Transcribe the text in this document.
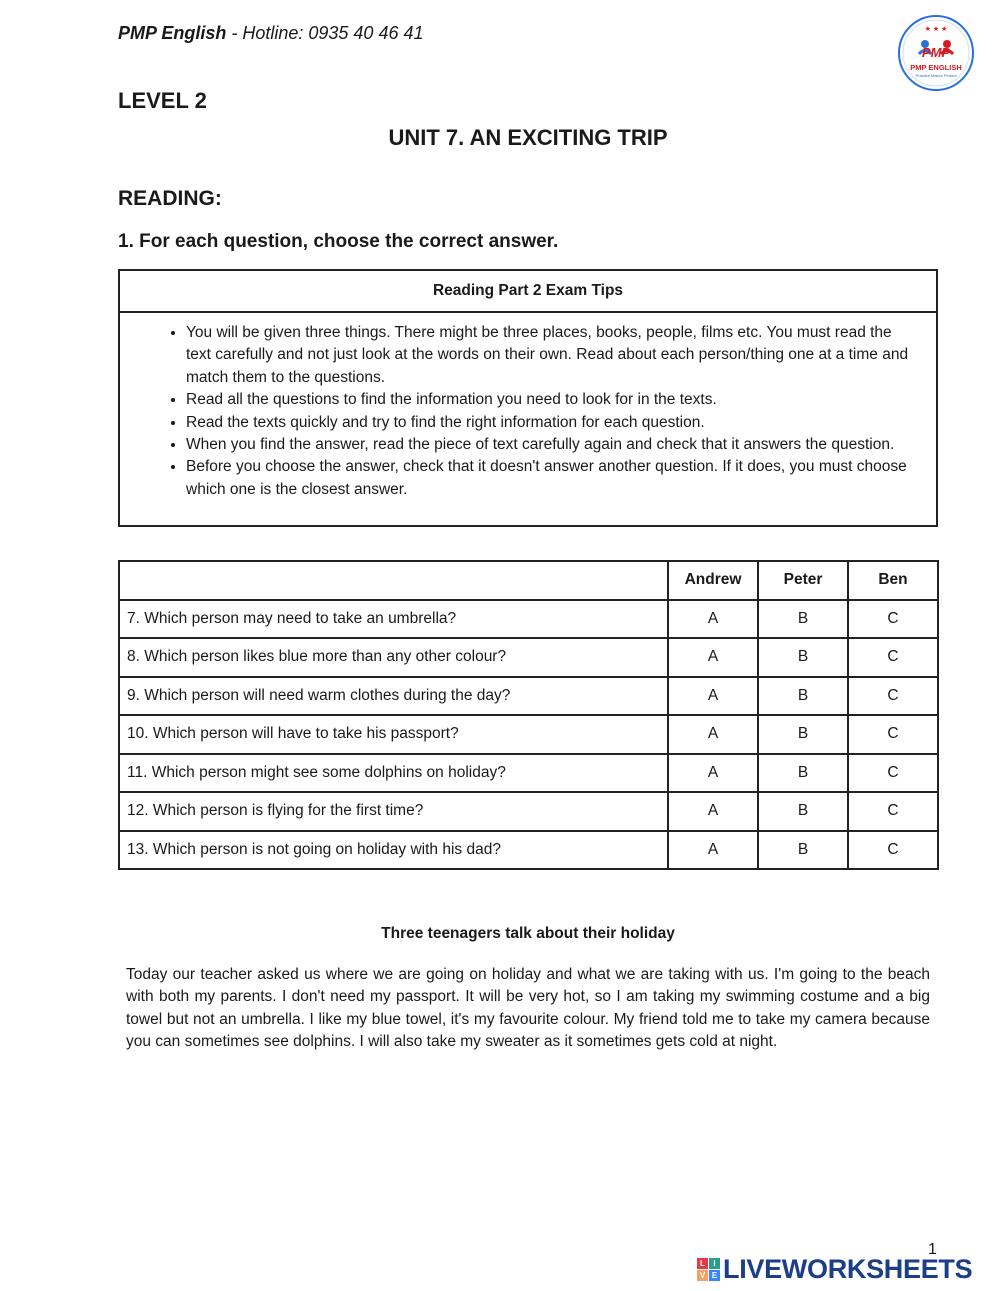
PMP English - Hotline: 0935 40 46 41
PMP
PMP ENGLISH
Practice Makes Perfect
★ ★ ★
LEVEL 2
UNIT 7. AN EXCITING TRIP
READING:
1. For each question, choose the correct answer.
Reading Part 2 Exam Tips
• You will be given three things. There might be three places, books, people, films etc. You must read the text carefully and not just look at the words on their own. Read about each person/thing one at a time and match them to the questions.
• Read all the questions to find the information you need to look for in the texts.
• Read the texts quickly and try to find the right information for each question.
• When you find the answer, read the piece of text carefully again and check that it answers the question.
• Before you choose the answer, check that it doesn't answer another question. If it does, you must choose which one is the closest answer.
	Andrew	Peter	Ben
7. Which person may need to take an umbrella?	A	B	C
8. Which person likes blue more than any other colour?	A	B	C
9. Which person will need warm clothes during the day?	A	B	C
10. Which person will have to take his passport?	A	B	C
11. Which person might see some dolphins on holiday?	A	B	C
12. Which person is flying for the first time?	A	B	C
13. Which person is not going on holiday with his dad?	A	B	C
Three teenagers talk about their holiday
Today our teacher asked us where we are going on holiday and what we are taking with us. I'm going to the beach with both my parents. I don't need my passport. It will be very hot, so I am taking my swimming costume and a big towel but not an umbrella. I like my blue towel, it's my favourite colour. My friend told me to take my camera because you can sometimes see dolphins. I will also take my sweater as it sometimes gets cold at night.
1
L	I
V E LIVEWORKSHEETS
